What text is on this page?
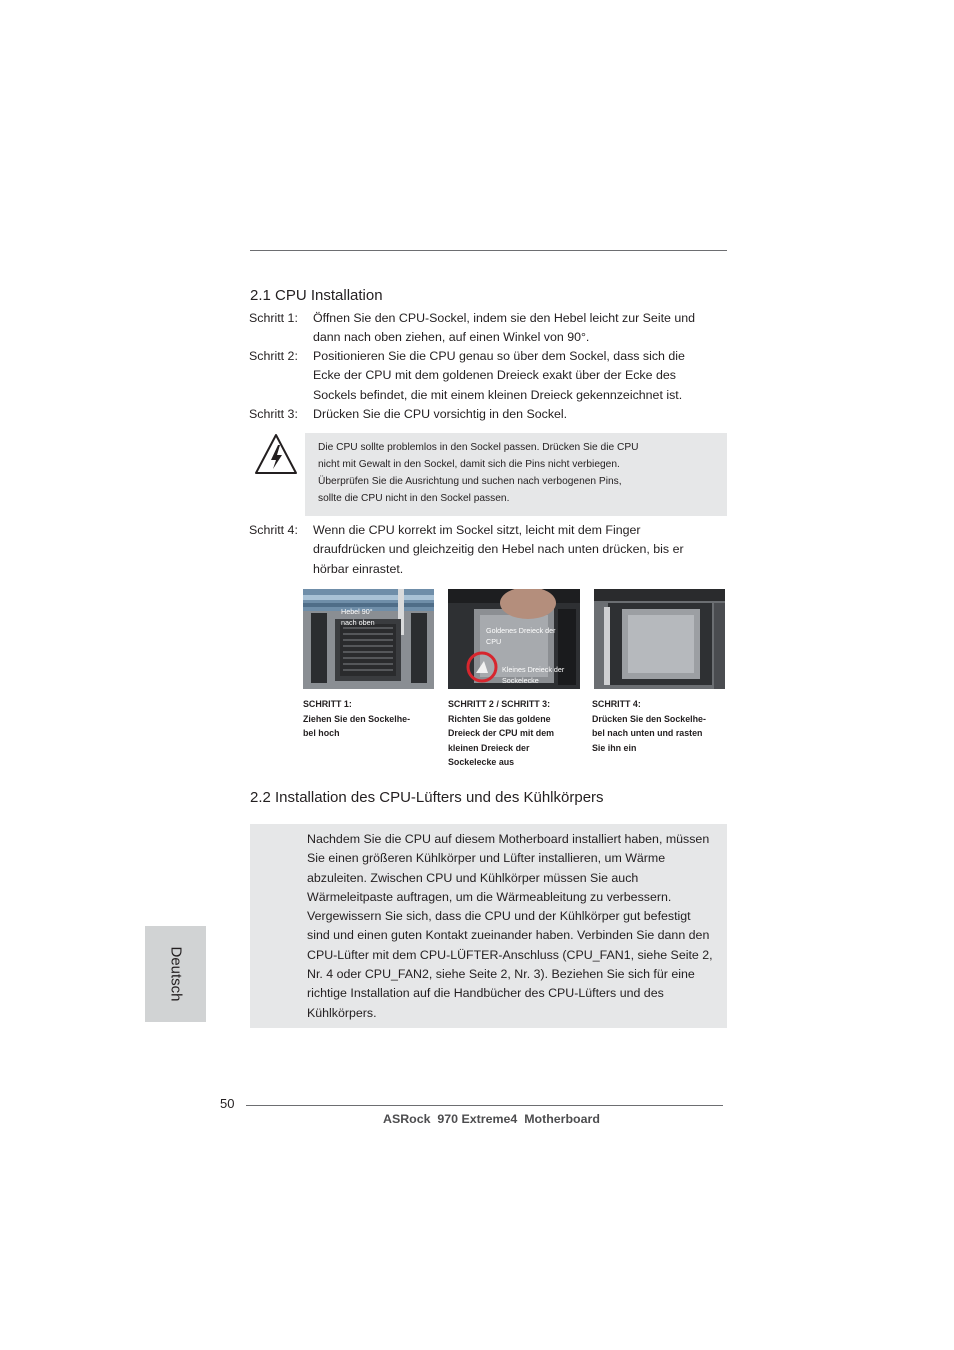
2.1 CPU Installation
Schritt 1: Öffnen Sie den CPU-Sockel, indem sie den Hebel leicht zur Seite und
dann nach oben ziehen, auf einen Winkel von 90°.
Schritt 2: Positionieren Sie die CPU genau so über dem Sockel, dass sich die
Ecke der CPU mit dem goldenen Dreieck exakt über der Ecke des
Sockels befindet, die mit einem kleinen Dreieck gekennzeichnet ist.
Schritt 3: Drücken Sie die CPU vorsichtig in den Sockel.
Die CPU sollte problemlos in den Sockel passen. Drücken Sie die CPU
nicht mit Gewalt in den Sockel, damit sich die Pins nicht verbiegen.
Überprüfen Sie die Ausrichtung und suchen nach verbogenen Pins,
sollte die CPU nicht in den Sockel passen.
Schritt 4: Wenn die CPU korrekt im Sockel sitzt, leicht mit dem Finger
draufdrücken und gleichzeitig den Hebel nach unten drücken, bis er
hörbar einrastet.
Hebel 90°
nach oben
Goldenes Dreieck der
CPU
Kleines Dreieck der
Sockelecke
SCHRITT 1:
Ziehen Sie den Sockelhe-
bel hoch
SCHRITT 2 / SCHRITT 3:
Richten Sie das goldene
Dreieck der CPU mit dem
kleinen Dreieck der
Sockelecke aus
SCHRITT 4:
Drücken Sie den Sockelhe-
bel nach unten und rasten
Sie ihn ein
2.2 Installation des CPU-Lüfters und des Kühlkörpers
Nachdem Sie die CPU auf diesem Motherboard installiert haben, müssen
Sie einen größeren Kühlkörper und Lüfter installieren, um Wärme
abzuleiten. Zwischen CPU und Kühlkörper müssen Sie auch
Wärmeleitpaste auftragen, um die Wärmeableitung zu verbessern.
Vergewissern Sie sich, dass die CPU und der Kühlkörper gut befestigt
sind und einen guten Kontakt zueinander haben. Verbinden Sie dann den
CPU-Lüfter mit dem CPU-LÜFTER-Anschluss (CPU_FAN1, siehe Seite 2,
Nr. 4 oder CPU_FAN2, siehe Seite 2, Nr. 3). Beziehen Sie sich für eine
richtige Installation auf die Handbücher des CPU-Lüfters und des
Kühlkörpers.
Deutsch
50
ASRock  970 Extreme4  Motherboard
